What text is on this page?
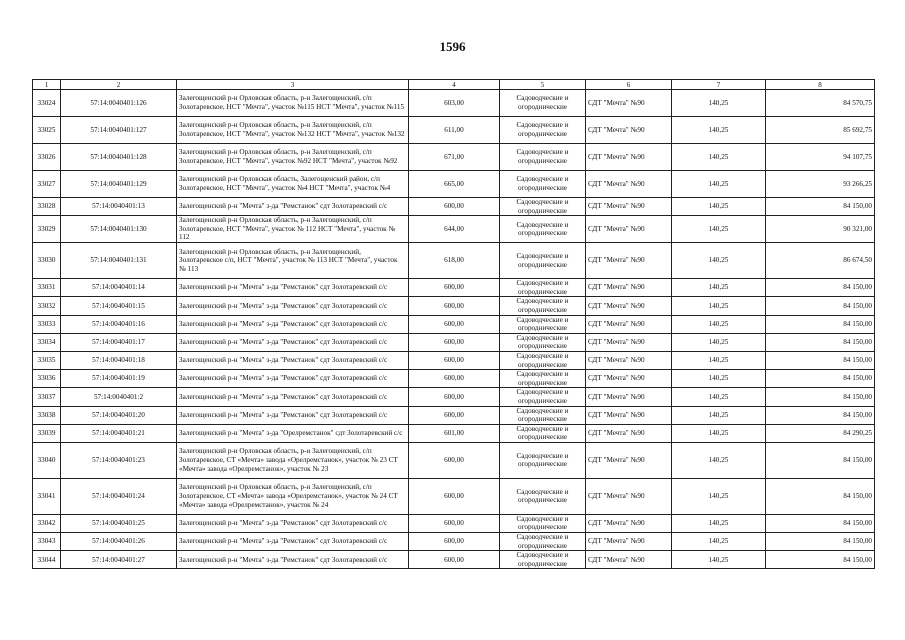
1596
1	2	3	4	5	6	7	8
33024	57:14:0040401:126	Залегощенский р-н Орловская область, р-н Залегощенский, с/п Золотаревское, НСТ "Мечта", участок №115 НСТ "Мечта", участок №115	603,00	Садоводческие и огороднические	СДТ "Мечта" №90	140,25	84 570,75
33025	57:14:0040401:127	Залегощенский р-н Орловская область, р-н Залегощенский, с/п Золотаревское, НСТ "Мечта", участок №132 НСТ "Мечта", участок №132	611,00	Садоводческие и огороднические	СДТ "Мечта" №90	140,25	85 692,75
33026	57:14:0040401:128	Залегощенский р-н Орловская область, р-н Залегощенский, с/п Золотаревское, НСТ "Мечта", участок №92 НСТ "Мечта", участок №92	671,00	Садоводческие и огороднические	СДТ "Мечта" №90	140,25	94 107,75
33027	57:14:0040401:129	Залегощенский р-н Орловская область, Залегощенский район, с/п Золотаревское, НСТ "Мечта", участок №4 НСТ "Мечта", участок №4	665,00	Садоводческие и огороднические	СДТ "Мечта" №90	140,25	93 266,25
33028	57:14:0040401:13	Залегощенский р-н "Мечта" з-да "Ремстанок" сдт Золотаревский с/с	600,00	Садоводческие и огороднические	СДТ "Мечта" №90	140,25	84 150,00
33029	57:14:0040401:130	Залегощенский р-н Орловская область, р-н Залегощенский, с/п Золотаревское, НСТ "Мечта", участок № 112 НСТ "Мечта", участок № 112	644,00	Садоводческие и огороднические	СДТ "Мечта" №90	140,25	90 321,00
33030	57:14:0040401:131	Залегощенский р-н Орловская область, р-н Залегощенский, Золотаревское с/п, НСТ "Мечта", участок № 113 НСТ "Мечта", участок № 113	618,00	Садоводческие и огороднические	СДТ "Мечта" №90	140,25	86 674,50
33031	57:14:0040401:14	Залегощенский р-н "Мечта" з-да "Ремстанок" сдт Золотаревский с/с	600,00	Садоводческие и огороднические	СДТ "Мечта" №90	140,25	84 150,00
33032	57:14:0040401:15	Залегощенский р-н "Мечта" з-да "Ремстанок" сдт Золотаревский с/с	600,00	Садоводческие и огороднические	СДТ "Мечта" №90	140,25	84 150,00
33033	57:14:0040401:16	Залегощенский р-н "Мечта" з-да "Ремстанок" сдт Золотаревский с/с	600,00	Садоводческие и огороднические	СДТ "Мечта" №90	140,25	84 150,00
33034	57:14:0040401:17	Залегощенский р-н "Мечта" з-да "Ремстанок" сдт Золотаревский с/с	600,00	Садоводческие и огороднические	СДТ "Мечта" №90	140,25	84 150,00
33035	57:14:0040401:18	Залегощенский р-н "Мечта" з-да "Ремстанок" сдт Золотаревский с/с	600,00	Садоводческие и огороднические	СДТ "Мечта" №90	140,25	84 150,00
33036	57:14:0040401:19	Залегощенский р-н "Мечта" з-да "Ремстанок" сдт Золотаревский с/с	600,00	Садоводческие и огороднические	СДТ "Мечта" №90	140,25	84 150,00
33037	57:14:0040401:2	Залегощенский р-н "Мечта" з-да "Ремстанок" сдт Золотаревский с/с	600,00	Садоводческие и огороднические	СДТ "Мечта" №90	140,25	84 150,00
33038	57:14:0040401:20	Залегощенский р-н "Мечта" з-да "Ремстанок" сдт Золотаревский с/с	600,00	Садоводческие и огороднические	СДТ "Мечта" №90	140,25	84 150,00
33039	57:14:0040401:21	Залегощенский р-н "Мечта" з-да "Орелремстанок" сдт Золотаревский с/с	601,00	Садоводческие и огороднические	СДТ "Мечта" №90	140,25	84 290,25
33040	57:14:0040401:23	Залегощенский р-н Орловская область, р-н Залегощенский, с/п Золотаревское, СТ «Мечта» завода «Орелремстанок», участок № 23 СТ «Мечта» завода «Орелремстанок», участок № 23	600,00	Садоводческие и огороднические	СДТ "Мечта" №90	140,25	84 150,00
33041	57:14:0040401:24	Залегощенский р-н Орловская область, р-н Залегощенский, с/п Золотаревское, СТ «Мечта» завода «Орелремстанок», участок № 24 СТ «Мечта» завода «Орелремстанок», участок № 24	600,00	Садоводческие и огороднические	СДТ "Мечта" №90	140,25	84 150,00
33042	57:14:0040401:25	Залегощенский р-н "Мечта" з-да "Ремстанок" сдт Золотаревский с/с	600,00	Садоводческие и огороднические	СДТ "Мечта" №90	140,25	84 150,00
33043	57:14:0040401:26	Залегощенский р-н "Мечта" з-да "Ремстанок" сдт Золотаревский с/с	600,00	Садоводческие и огороднические	СДТ "Мечта" №90	140,25	84 150,00
33044	57:14:0040401:27	Залегощенский р-н "Мечта" з-да "Ремстанок" сдт Золотаревский с/с	600,00	Садоводческие и огороднические	СДТ "Мечта" №90	140,25	84 150,00
